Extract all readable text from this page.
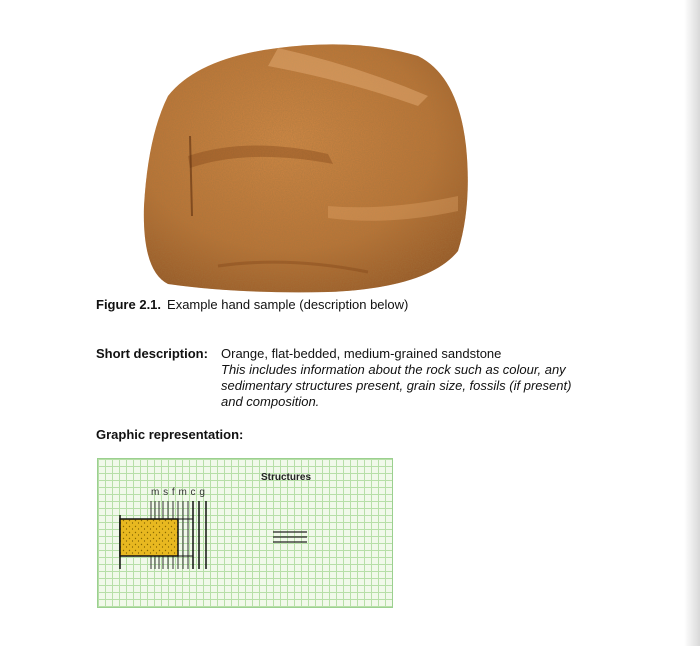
Figure 2.1. Example hand sample (description below)
Short description: Orange, flat-bedded, medium-grained sandstone
This includes information about the rock such as colour, any sedimentary structures present, grain size, fossils (if present) and composition.
Graphic representation:
m s f m c g
Structures
